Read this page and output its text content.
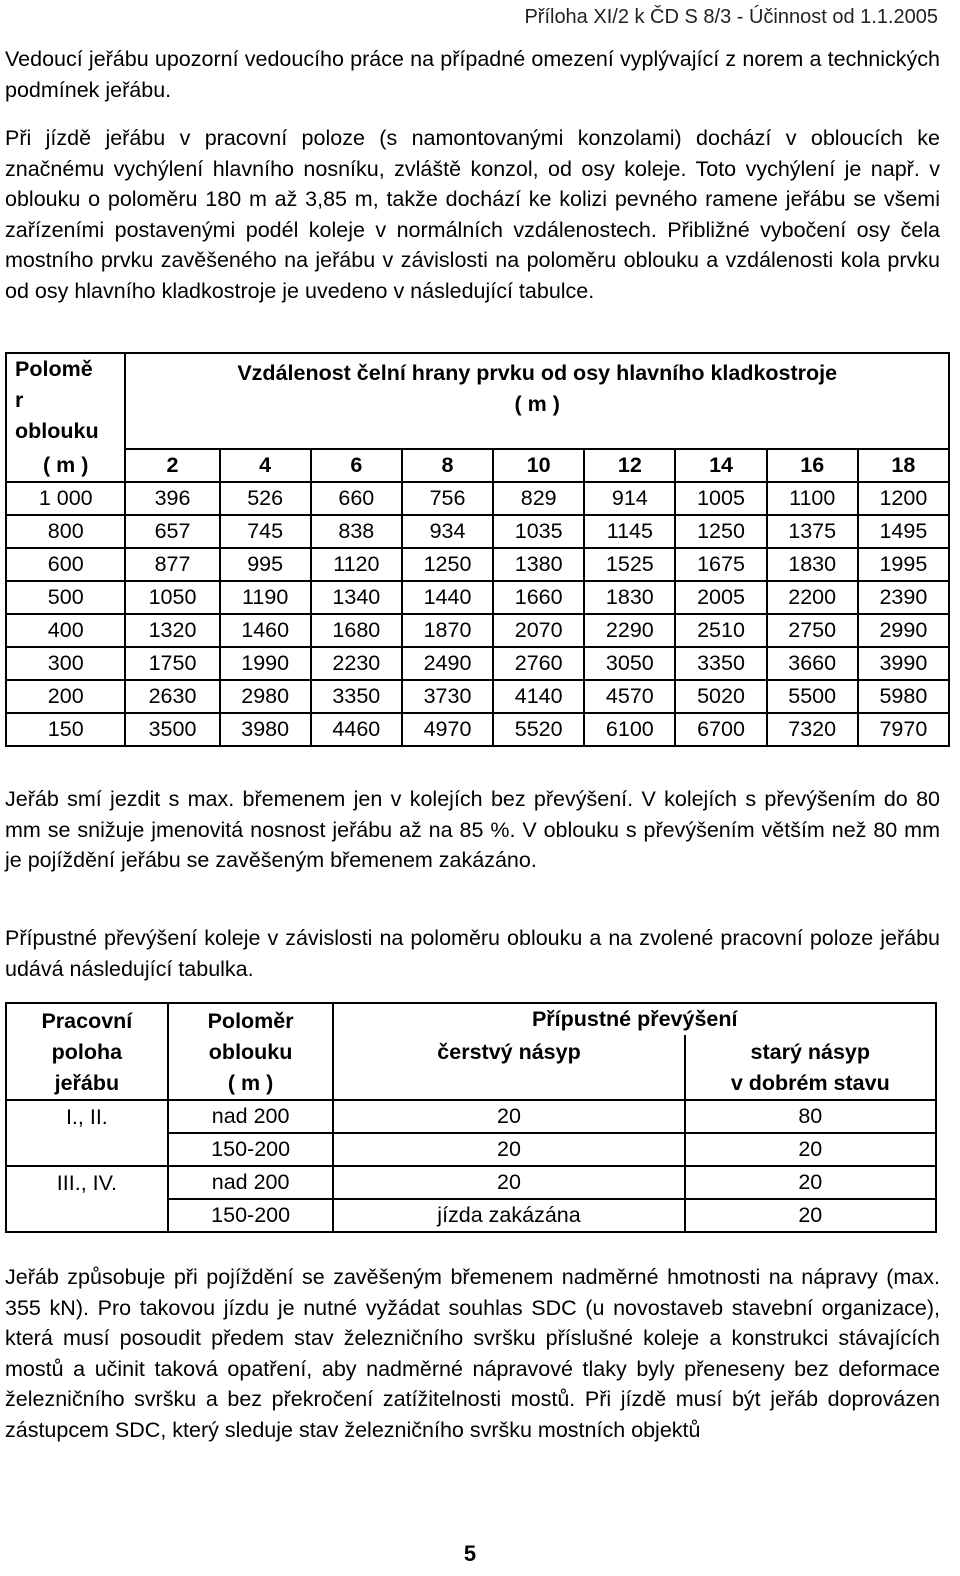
Příloha XI/2 k ČD S 8/3 - Účinnost od 1.1.2005

Vedoucí jeřábu upozorní vedoucího práce na případné omezení vyplývající z norem a technických podmínek jeřábu.

Při jízdě jeřábu v pracovní poloze (s namontovanými konzolami) dochází v obloucích ke značnému vychýlení hlavního nosníku, zvláště konzol, od osy koleje. Toto vychýlení je např. v oblouku o poloměru 180 m až 3,85 m, takže dochází ke kolizi pevného ramene jeřábu se všemi zařízeními postavenými podél koleje v normálních vzdálenostech. Přibližné vybočení osy čela mostního prvku zavěšeného na jeřábu v závislosti na poloměru oblouku a vzdálenosti kola prvku od osy hlavního kladkostroje je uvedeno v následující tabulce.

Polomě
r
oblouku	Vzdálenost čelní hrany prvku od osy hlavního kladkostroje
( m )								
( m )	2	4	6	8	10	12	14	16	18
1 000	396	526	660	756	829	914	1005	1100	1200
800	657	745	838	934	1035	1145	1250	1375	1495
600	877	995	1120	1250	1380	1525	1675	1830	1995
500	1050	1190	1340	1440	1660	1830	2005	2200	2390
400	1320	1460	1680	1870	2070	2290	2510	2750	2990
300	1750	1990	2230	2490	2760	3050	3350	3660	3990
200	2630	2980	3350	3730	4140	4570	5020	5500	5980
150	3500	3980	4460	4970	5520	6100	6700	7320	7970

Jeřáb smí jezdit s max. břemenem jen v kolejích bez převýšení. V kolejích s převýšením do 80 mm se snižuje jmenovitá nosnost jeřábu až na 85 %. V oblouku s převýšením větším než 80 mm je pojíždění jeřábu se zavěšeným břemenem zakázáno.

Přípustné převýšení koleje v závislosti na poloměru oblouku a na zvolené pracovní poloze jeřábu udává následující tabulka.

Pracovní
poloha
jeřábu	Poloměr
oblouku
( m )	Přípustné převýšení	
		čerstvý násyp	starý násyp
v dobrém stavu

I., II.	nad 200	20	80
	150-200	20	20
III., IV.	nad 200	20	20
	150-200	jízda zakázána	20

Jeřáb způsobuje při pojíždění se zavěšeným břemenem nadměrné hmotnosti na nápravy (max. 355 kN). Pro takovou jízdu je nutné vyžádat souhlas SDC (u novostaveb stavební organizace), která musí posoudit předem stav železničního svršku příslušné koleje a konstrukci stávajících mostů a učinit taková opatření, aby nadměrné nápravové tlaky byly přeneseny bez deformace železničního svršku a bez překročení zatížitelnosti mostů. Při jízdě musí být jeřáb doprovázen zástupcem SDC, který sleduje stav železničního svršku mostních objektů

5
